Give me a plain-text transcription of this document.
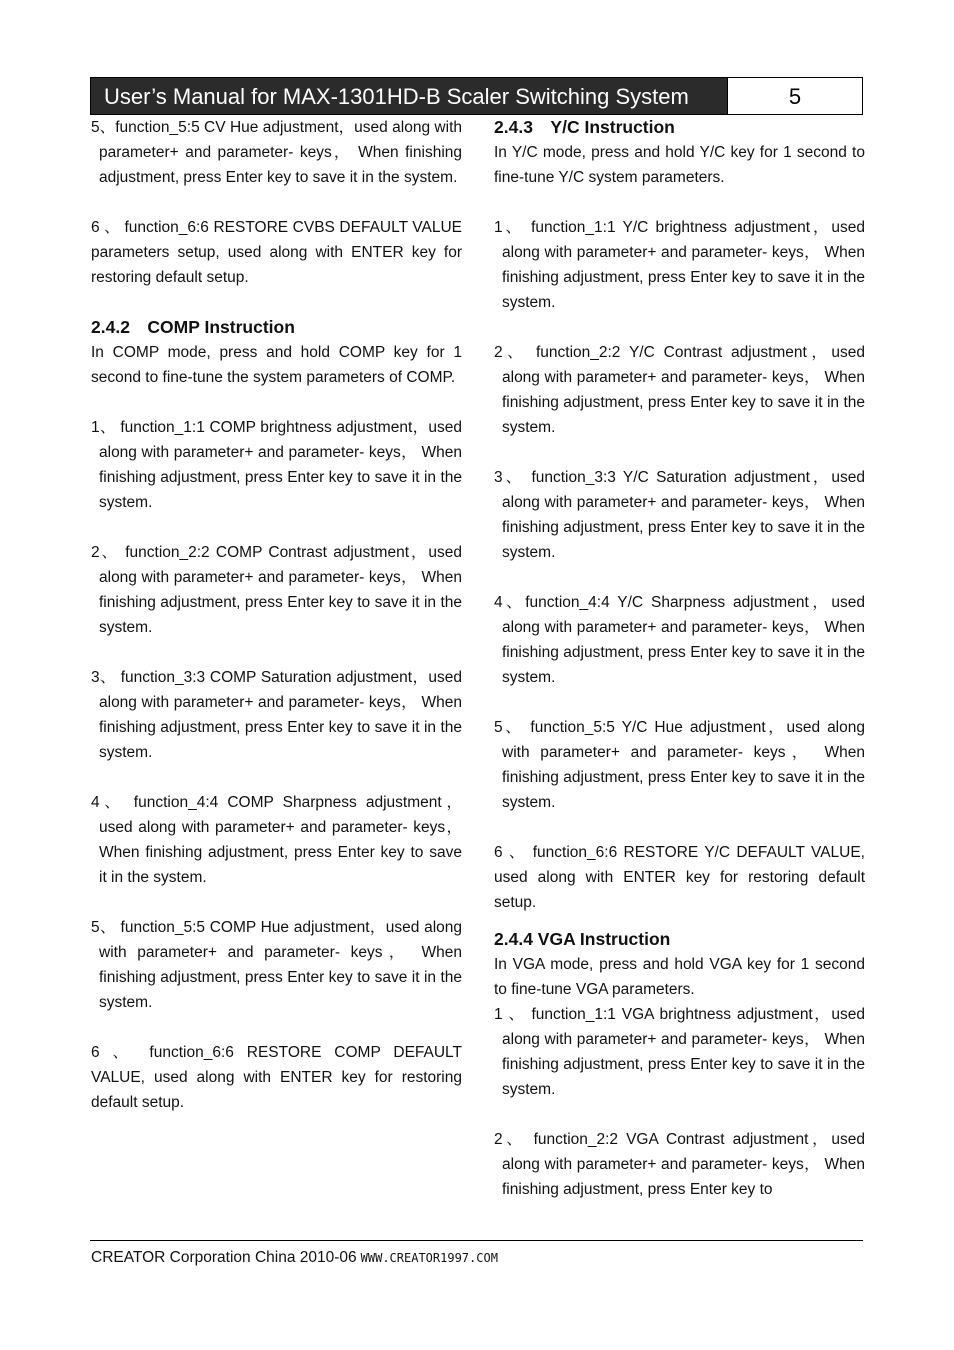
User’s Manual for MAX-1301HD-B Scaler Switching System	5

5、function_5:5 CV Hue adjustment，used along with parameter+ and parameter- keys， When finishing adjustment, press Enter key to save it in the system.

6 、 function_6:6 RESTORE CVBS DEFAULT VALUE parameters setup, used along with ENTER key for restoring default setup.

2.4.2　COMP Instruction

In COMP mode, press and hold COMP key for 1 second to fine-tune the system parameters of COMP.

1、 function_1:1 COMP brightness adjustment，used along with parameter+ and parameter- keys， When finishing adjustment, press Enter key to save it in the system.

2、 function_2:2 COMP Contrast adjustment，used along with parameter+ and parameter- keys， When finishing adjustment, press Enter key to save it in the system.

3、 function_3:3 COMP Saturation adjustment，used along with parameter+ and parameter- keys， When finishing adjustment, press Enter key to save it in the system.

4、 function_4:4 COMP Sharpness adjustment，used along with parameter+ and parameter- keys， When finishing adjustment, press Enter key to save it in the system.

5、 function_5:5 COMP Hue adjustment，used along with parameter+ and parameter- keys， When finishing adjustment, press Enter key to save it in the system.

6 、 function_6:6 RESTORE COMP DEFAULT VALUE, used along with ENTER key for restoring default setup.

2.4.3　Y/C Instruction

In Y/C mode, press and hold Y/C key for 1 second to fine-tune Y/C system parameters.

1、 function_1:1 Y/C brightness adjustment，used along with parameter+ and parameter- keys， When finishing adjustment, press Enter key to save it in the system.

2、 function_2:2 Y/C Contrast adjustment，used along with parameter+ and parameter- keys， When finishing adjustment, press Enter key to save it in the system.

3、 function_3:3 Y/C Saturation adjustment，used along with parameter+ and parameter- keys， When finishing adjustment, press Enter key to save it in the system.

4、function_4:4 Y/C Sharpness adjustment，used along with parameter+ and parameter- keys， When finishing adjustment, press Enter key to save it in the system.

5、 function_5:5 Y/C Hue adjustment，used along with parameter+ and parameter- keys， When finishing adjustment, press Enter key to save it in the system.

6 、 function_6:6 RESTORE Y/C DEFAULT VALUE, used along with ENTER key for restoring default setup.

2.4.4 VGA Instruction

In VGA mode, press and hold VGA key for 1 second to fine-tune VGA parameters.

1 、 function_1:1 VGA brightness adjustment，used along with parameter+ and parameter- keys， When finishing adjustment, press Enter key to save it in the system.

2、 function_2:2 VGA Contrast adjustment，used along with parameter+ and parameter- keys， When finishing adjustment, press Enter key to

CREATOR Corporation China 2010-06 WWW.CREATOR1997.COM
